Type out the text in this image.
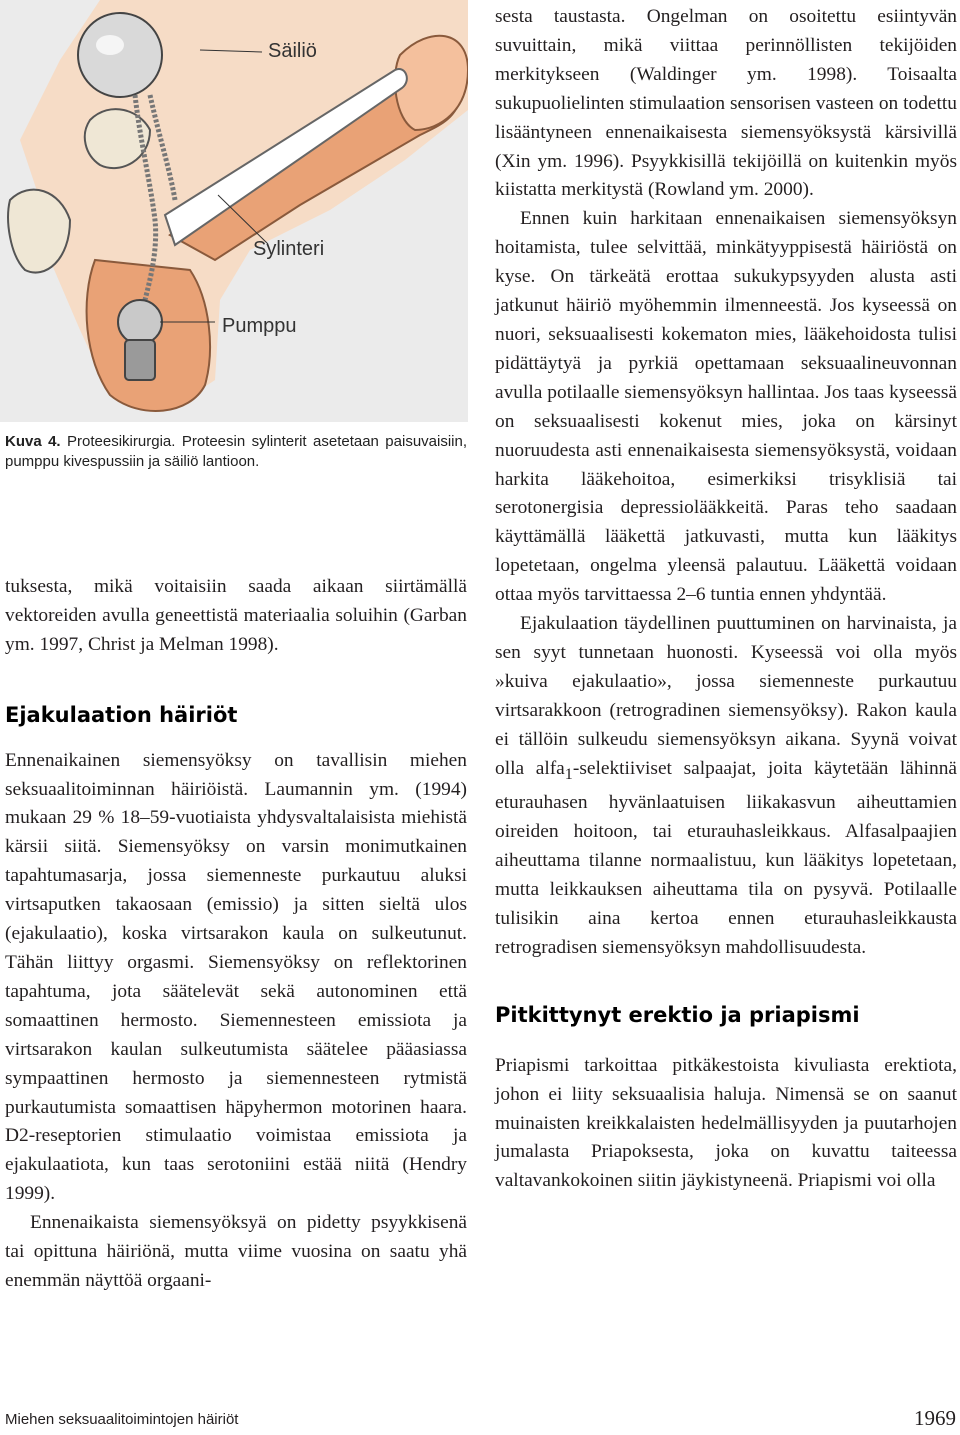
Säiliö
Sylinteri
Pumppu
Kuva 4. Proteesikirurgia. Proteesin sylinterit asetetaan paisuvaisiin, pumppu kivespussiin ja säiliö lantioon.

tuksesta, mikä voitaisiin saada aikaan siirtämällä vektoreiden avulla geneettistä materiaalia soluihin (Garban ym. 1997, Christ ja Melman 1998).

Ejakulaation häiriöt

Ennenaikainen siemensyöksy on tavallisin miehen seksuaalitoiminnan häiriöistä. Laumannin ym. (1994) mukaan 29 % 18–59-vuotiaista yhdysvaltalaisista miehistä kärsii siitä. Siemensyöksy on varsin monimutkainen tapahtumasarja, jossa siemenneste purkautuu aluksi virtsaputken takaosaan (emissio) ja sitten sieltä ulos (ejakulaatio), koska virtsarakon kaula on sulkeutunut. Tähän liittyy orgasmi. Siemensyöksy on reflektorinen tapahtuma, jota säätelevät sekä autonominen että somaattinen hermosto. Siemennesteen emissiota ja virtsarakon kaulan sulkeutumista säätelee pääasiassa sympaattinen hermosto ja siemennesteen rytmistä purkautumista somaattisen häpyhermon motorinen haara. D2-reseptorien stimulaatio voimistaa emissiota ja ejakulaatiota, kun taas serotoniini estää niitä (Hendry 1999).

Ennenaikaista siemensyöksyä on pidetty psyykkisenä tai opittuna häiriönä, mutta viime vuosina on saatu yhä enemmän näyttöä orgaani-

sesta taustasta. Ongelman on osoitettu esiintyvän suvuittain, mikä viittaa perinnöllisten tekijöiden merkitykseen (Waldinger ym. 1998). Toisaalta sukupuolielinten stimulaation sensorisen vasteen on todettu lisääntyneen ennenaikaisesta siemensyöksystä kärsivillä (Xin ym. 1996). Psyykkisillä tekijöillä on kuitenkin myös kiistatta merkitystä (Rowland ym. 2000).

Ennen kuin harkitaan ennenaikaisen siemensyöksyn hoitamista, tulee selvittää, minkätyyppisestä häiriöstä on kyse. On tärkeätä erottaa sukukypsyyden alusta asti jatkunut häiriö myöhemmin ilmenneestä. Jos kyseessä on nuori, seksuaalisesti kokematon mies, lääkehoidosta tulisi pidättäytyä ja pyrkiä opettamaan seksuaalineuvonnan avulla potilaalle siemensyöksyn hallintaa. Jos taas kyseessä on seksuaalisesti kokenut mies, joka on kärsinyt nuoruudesta asti ennenaikaisesta siemensyöksystä, voidaan harkita lääkehoitoa, esimerkiksi trisyklisiä tai serotonergisia depressiolääkkeitä. Paras teho saadaan käyttämällä lääkettä jatkuvasti, mutta kun lääkitys lopetetaan, ongelma yleensä palautuu. Lääkettä voidaan ottaa myös tarvittaessa 2–6 tuntia ennen yhdyntää.

Ejakulaation täydellinen puuttuminen on harvinaista, ja sen syyt tunnetaan huonosti. Kyseessä voi olla myös »kuiva ejakulaatio», jossa siemenneste purkautuu virtsarakkoon (retrogradinen siemensyöksy). Rakon kaula ei tällöin sulkeudu siemensyöksyn aikana. Syynä voivat olla alfa$_1$-selektiiviset salpaajat, joita käytetään lähinnä eturauhasen hyvänlaatuisen liikakasvun aiheuttamien oireiden hoitoon, tai eturauhasleikkaus. Alfasalpaajien aiheuttama tilanne normaalistuu, kun lääkitys lopetetaan, mutta leikkauksen aiheuttama tila on pysyvä. Potilaalle tulisikin aina kertoa ennen eturauhasleikkausta retrogradisen siemensyöksyn mahdollisuudesta.

Pitkittynyt erektio ja priapismi

Priapismi tarkoittaa pitkäkestoista kivuliasta erektiota, johon ei liity seksuaalisia haluja. Nimensä se on saanut muinaisten kreikkalaisten hedelmällisyyden ja puutarhojen jumalasta Priapoksesta, joka on kuvattu taiteessa valtavankokoinen siitin jäykistyneenä. Priapismi voi olla

Miehen seksuaalitoimintojen häiriöt	1969
